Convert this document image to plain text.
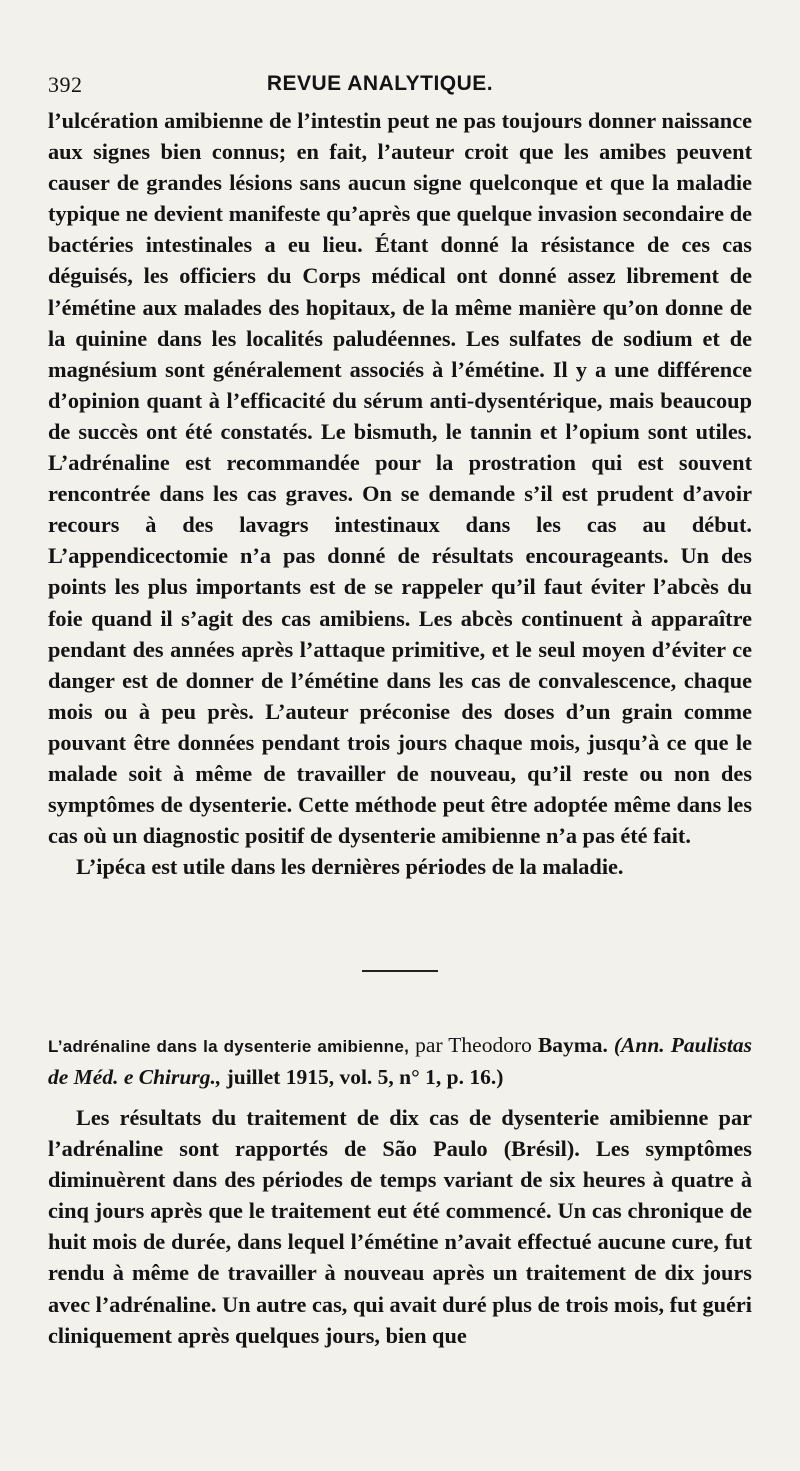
392	REVUE ANALYTIQUE.

l’ulcération amibienne de l’intestin peut ne pas toujours donner naissance aux signes bien connus; en fait, l’auteur croit que les amibes peuvent causer de grandes lésions sans aucun signe quelconque et que la maladie typique ne devient manifeste qu’après que quelque invasion secondaire de bactéries intestinales a eu lieu. Étant donné la résistance de ces cas déguisés, les officiers du Corps médical ont donné assez librement de l’émétine aux malades des hopitaux, de la même manière qu’on donne de la quinine dans les localités paludéennes. Les sulfates de sodium et de magnésium sont généralement associés à l’émétine. Il y a une différence d’opinion quant à l’efficacité du sérum anti-dysentérique, mais beaucoup de succès ont été constatés. Le bismuth, le tannin et l’opium sont utiles. L’adrénaline est recommandée pour la prostration qui est souvent rencontrée dans les cas graves. On se demande s’il est prudent d’avoir recours à des lavagrs intestinaux dans les cas au début. L’appendicectomie n’a pas donné de résultats encourageants. Un des points les plus importants est de se rappeler qu’il faut éviter l’abcès du foie quand il s’agit des cas amibiens. Les abcès continuent à apparaître pendant des années après l’attaque primitive, et le seul moyen d’éviter ce danger est de donner de l’émétine dans les cas de convalescence, chaque mois ou à peu près. L’auteur préconise des doses d’un grain comme pouvant être données pendant trois jours chaque mois, jusqu’à ce que le malade soit à même de travailler de nouveau, qu’il reste ou non des symptômes de dysenterie. Cette méthode peut être adoptée même dans les cas où un diagnostic positif de dysenterie amibienne n’a pas été fait.

L’ipéca est utile dans les dernières périodes de la maladie.

L’adrénaline dans la dysenterie amibienne, par Theodoro Bayma. (Ann. Paulistas de Méd. e Chirurg., juillet 1915, vol. 5, n° 1, p. 16.)

Les résultats du traitement de dix cas de dysenterie amibienne par l’adrénaline sont rapportés de São Paulo (Brésil). Les symptômes diminuèrent dans des périodes de temps variant de six heures à quatre à cinq jours après que le traitement eut été commencé. Un cas chronique de huit mois de durée, dans lequel l’émétine n’avait effectué aucune cure, fut rendu à même de travailler à nouveau après un traitement de dix jours avec l’adrénaline. Un autre cas, qui avait duré plus de trois mois, fut guéri cliniquement après quelques jours, bien que
